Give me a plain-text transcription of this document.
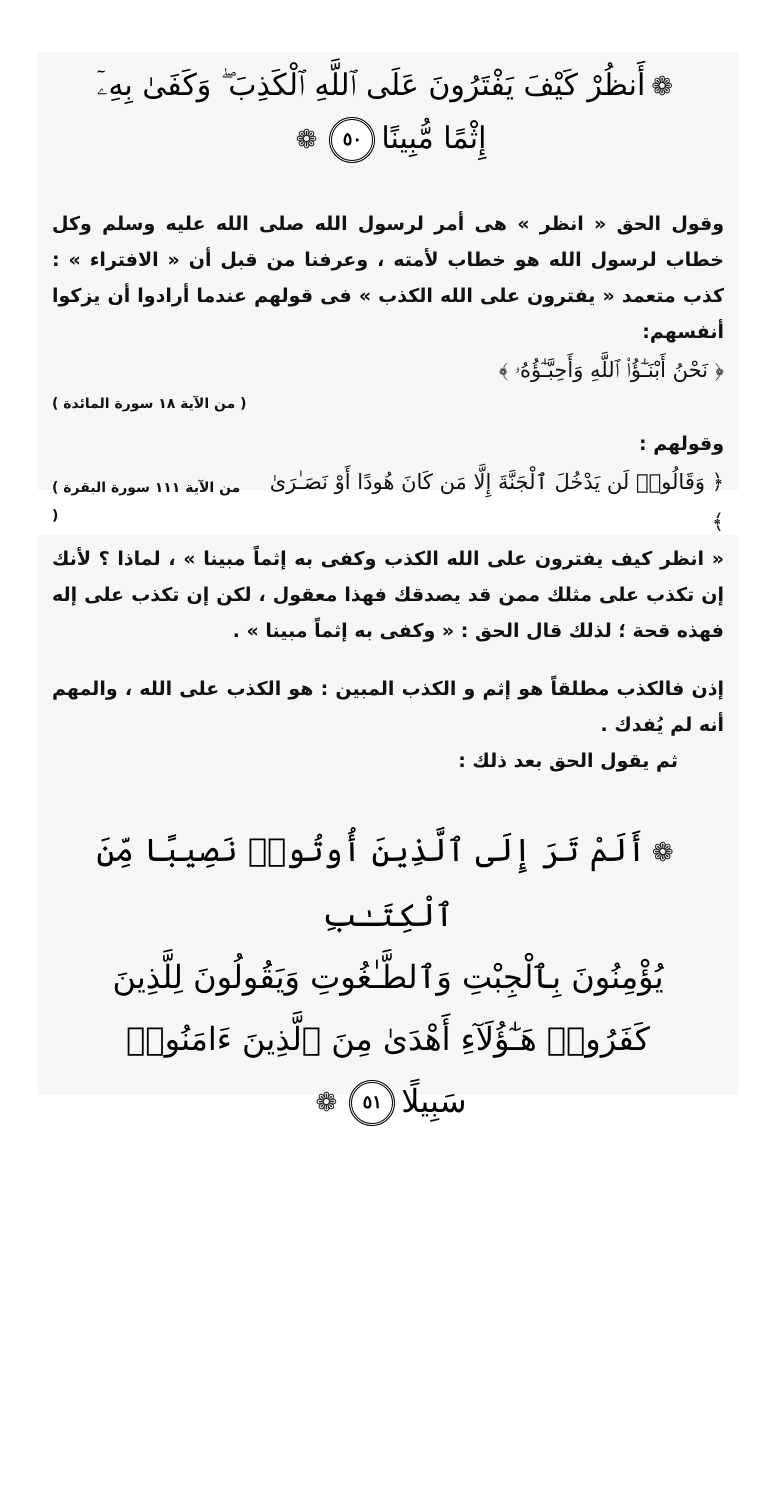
❁أَنظُرْ كَيْفَ يَفْتَرُونَ عَلَى ٱللَّهِ ٱلْكَذِبَ ۖ وَكَفَىٰ بِهِۦٓ
إِثْمًا مُّبِينًا٥٠❁

وقول الحق « انظر » هى أمر لرسول الله صلى الله عليه وسلم وكل خطاب لرسول الله هو خطاب لأمته ، وعرفنا من قبل أن « الافتراء » : كذب متعمد « يفترون على الله الكذب » فى قولهم عندما أرادوا أن يزكوا أنفسهم:

﴿ نَحْنُ أَبْنَـٰٓؤُا۟ ٱللَّهِ وَأَحِبَّـٰٓؤُهُۥ ﴾
( من الآية ١٨ سورة المائدة )

وقولهم :

﴿ وَقَالُوا۟ لَن يَدْخُلَ ٱلْجَنَّةَ إِلَّا مَن كَانَ هُودًا أَوْ نَصَـٰرَىٰ ﴾
( من الآية ١١١ سورة البقرة )

« انظر كيف يفترون على الله الكذب وكفى به إثماً مبينا » ، لماذا ؟ لأنك إن تكذب على مثلك ممن قد يصدقك فهذا معقول ، لكن إن تكذب على إله فهذه قحة ؛ لذلك قال الحق : « وكفى به إثماً مبينا » .

إذن فالكذب مطلقاً هو إثم و الكذب المبين : هو الكذب على الله ، والمهم أنه لم يُفدك .

ثم يقول الحق بعد ذلك :

❁أَلَمْ تَرَ إِلَى ٱلَّذِينَ أُوتُوا۟ نَصِيبًا مِّنَ ٱلْكِتَـٰبِ
يُؤْمِنُونَ بِٱلْجِبْتِ وَٱلطَّـٰغُوتِ وَيَقُولُونَ لِلَّذِينَ
كَفَرُوا۟ هَـٰٓؤُلَآءِ أَهْدَىٰ مِنَ ٱلَّذِينَ ءَامَنُوا۟
سَبِيلًا٥١❁
